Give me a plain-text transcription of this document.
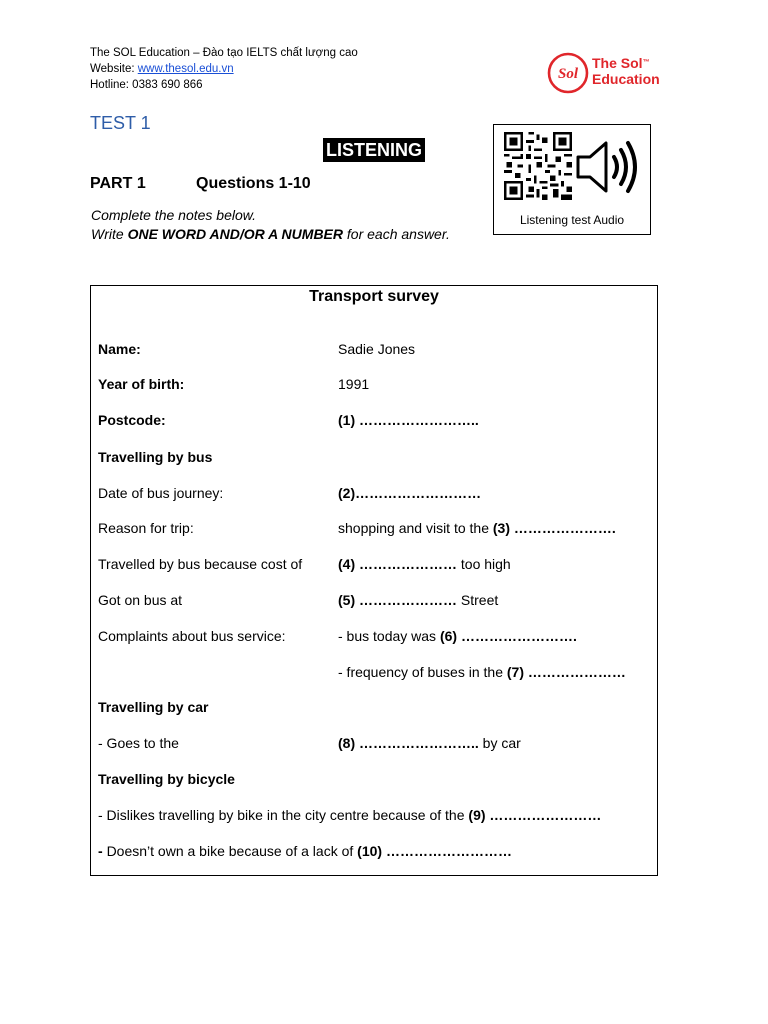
The SOL Education – Đào tạo IELTS chất lượng cao
Website: www.thesol.edu.vn
Hotline: 0383 690 866
Sol
The Sol™
Education
TEST 1
LISTENING
Listening test Audio
PART 1	Questions 1-10
Complete the notes below.
Write ONE WORD AND/OR A NUMBER for each answer.
Transport survey
Name:	Sadie Jones
Year of birth:	1991
Postcode:	(1) ……………………..
Travelling by bus
Date of bus journey:	(2)………………………
Reason for trip:	shopping and visit to the (3) ………………….
Travelled by bus because cost of	(4) ………………… too high
Got on bus at	(5) ………………… Street
Complaints about bus service:	- bus today was (6) …………………….
- frequency of buses in the (7) …………………
Travelling by car
- Goes to the	(8) …………………….. by car
Travelling by bicycle
- Dislikes travelling by bike in the city centre because of the (9) ……………………
- Doesn’t own a bike because of a lack of (10) ………………………
